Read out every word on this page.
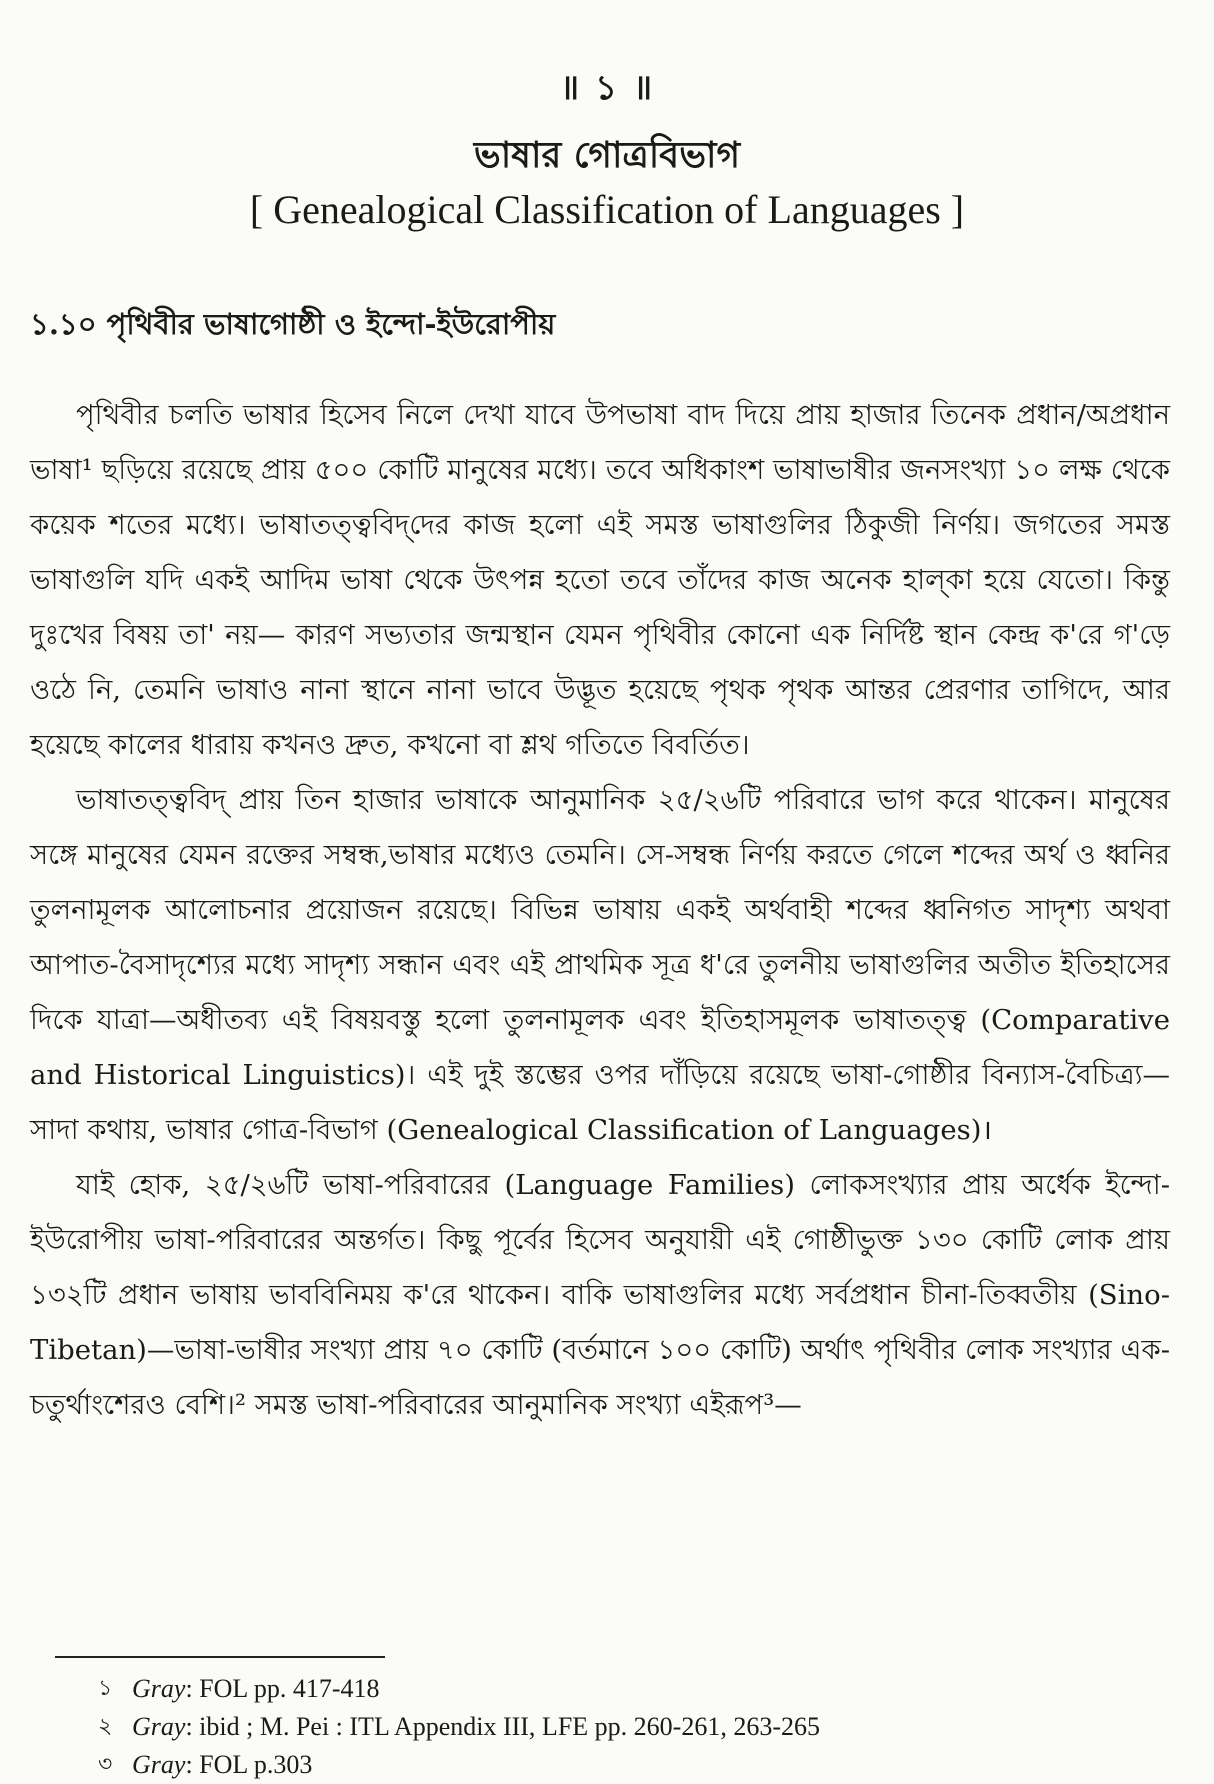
॥ ১ ॥
ভাষার গোত্রবিভাগ
[ Genealogical Classification of Languages ]
১.১০ পৃথিবীর ভাষাগোষ্ঠী ও ইন্দো-ইউরোপীয়

পৃথিবীর চলতি ভাষার হিসেব নিলে দেখা যাবে উপভাষা বাদ দিয়ে প্রায় হাজার তিনেক প্রধান/অপ্রধান ভাষা¹ ছড়িয়ে রয়েছে প্রায় ৫০০ কোটি মানুষের মধ্যে। তবে অধিকাংশ ভাষাভাষীর জনসংখ্যা ১০ লক্ষ থেকে কয়েক শতের মধ্যে। ভাষাতত্ত্ববিদ্‌দের কাজ হলো এই সমস্ত ভাষাগুলির ঠিকুজী নির্ণয়। জগতের সমস্ত ভাষাগুলি যদি একই আদিম ভাষা থেকে উৎপন্ন হতো তবে তাঁদের কাজ অনেক হাল্‌কা হয়ে যেতো। কিন্তু দুঃখের বিষয় তা' নয়— কারণ সভ্যতার জন্মস্থান যেমন পৃথিবীর কোনো এক নির্দিষ্ট স্থান কেন্দ্র ক'রে গ'ড়ে ওঠে নি, তেমনি ভাষাও নানা স্থানে নানা ভাবে উদ্ভূত হয়েছে পৃথক পৃথক আন্তর প্রেরণার তাগিদে, আর হয়েছে কালের ধারায় কখনও দ্রুত, কখনো বা শ্লথ গতিতে বিবর্তিত।

ভাষাতত্ত্ববিদ্‌ প্রায় তিন হাজার ভাষাকে আনুমানিক ২৫/২৬টি পরিবারে ভাগ করে থাকেন। মানুষের সঙ্গে মানুষের যেমন রক্তের সম্বন্ধ,ভাষার মধ্যেও তেমনি। সে-সম্বন্ধ নির্ণয় করতে গেলে শব্দের অর্থ ও ধ্বনির তুলনামূলক আলোচনার প্রয়োজন রয়েছে। বিভিন্ন ভাষায় একই অর্থবাহী শব্দের ধ্বনিগত সাদৃশ্য অথবা আপাত-বৈসাদৃশ্যের মধ্যে সাদৃশ্য সন্ধান এবং এই প্রাথমিক সূত্র ধ'রে তুলনীয় ভাষাগুলির অতীত ইতিহাসের দিকে যাত্রা—অধীতব্য এই বিষয়বস্তু হলো তুলনামূলক এবং ইতিহাসমূলক ভাষাতত্ত্ব (Comparative and Historical Linguistics)। এই দুই স্তম্ভের ওপর দাঁড়িয়ে রয়েছে ভাষা-গোষ্ঠীর বিন্যাস-বৈচিত্র্য—সাদা কথায়, ভাষার গোত্র-বিভাগ (Genealogical Classification of Languages)।

যাই হোক, ২৫/২৬টি ভাষা-পরিবারের (Language Families) লোকসংখ্যার প্রায় অর্ধেক ইন্দো-ইউরোপীয় ভাষা-পরিবারের অন্তর্গত। কিছু পূর্বের হিসেব অনুযায়ী এই গোষ্ঠীভুক্ত ১৩০ কোটি লোক প্রায় ১৩২টি প্রধান ভাষায় ভাববিনিময় ক'রে থাকেন। বাকি ভাষাগুলির মধ্যে সর্বপ্রধান চীনা-তিব্বতীয় (Sino-Tibetan)—ভাষা-ভাষীর সংখ্যা প্রায় ৭০ কোটি (বর্তমানে ১০০ কোটি) অর্থাৎ পৃথিবীর লোক সংখ্যার এক-চতুর্থাংশেরও বেশি।² সমস্ত ভাষা-পরিবারের আনুমানিক সংখ্যা এইরূপ³—

১ Gray: FOL pp. 417-418
২ Gray: ibid ; M. Pei : ITL Appendix III, LFE pp. 260-261, 263-265
৩ Gray: FOL p.303
